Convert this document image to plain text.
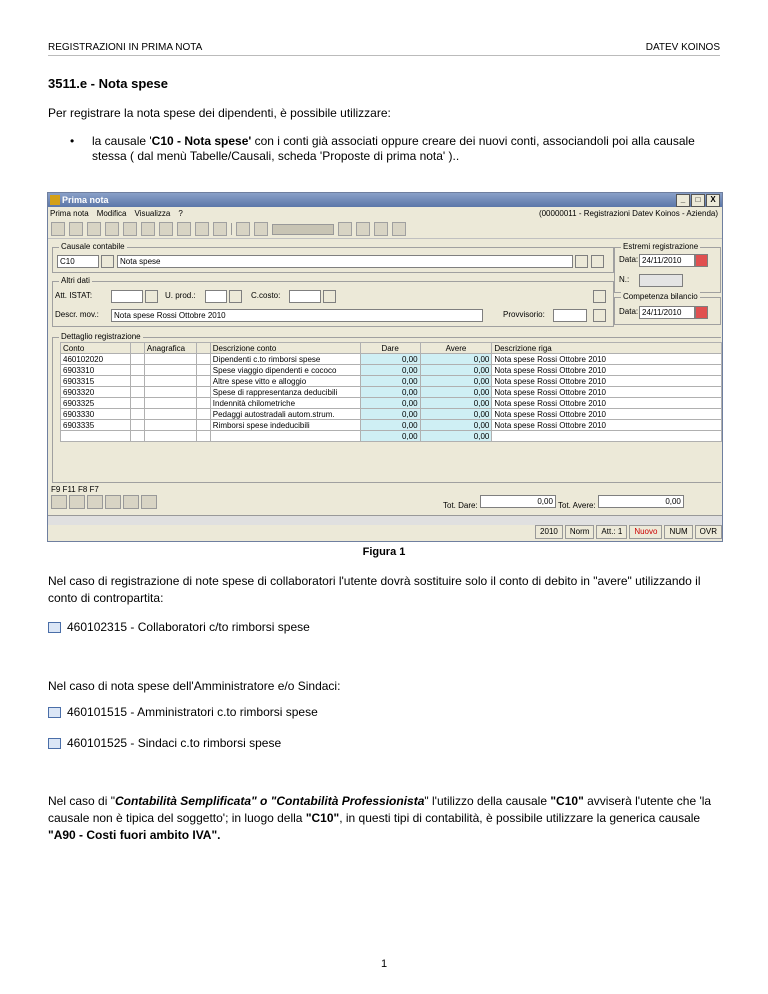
REGISTRAZIONI IN PRIMA NOTA	DATEV KOINOS
3511.e - Nota spese
Per registrare la nota spese dei dipendenti, è possibile utilizzare:
• la causale 'C10 - Nota spese' con i conti già associati oppure creare dei nuovi conti, associandoli poi alla causale stessa ( dal menù Tabelle/Causali, scheda 'Proposte di prima nota' )..
Prima nota	_	□	X
Prima nota Modifica Visualizza ?	(00000011 - Registrazioni Datev Koinos - Azienda)
Causale contabile
C10	Nota spese
Estremi registrazione
Data: 24/11/2010
N.:
Altri dati
Att. ISTAT:	U. prod.:	C.costo:
Descr. mov.:	Nota spese Rossi Ottobre 2010	Provvisorio:
Competenza bilancio
Data: 24/11/2010
Dettaglio registrazione
Conto		Anagrafica		Descrizione conto	Dare	Avere	Descrizione riga
460102020				Dipendenti c.to rimborsi spese	0,00	0,00	Nota spese Rossi Ottobre 2010
6903310				Spese viaggio dipendenti e cococo	0,00	0,00	Nota spese Rossi Ottobre 2010
6903315				Altre spese vitto e alloggio	0,00	0,00	Nota spese Rossi Ottobre 2010
6903320				Spese di rappresentanza deducibili	0,00	0,00	Nota spese Rossi Ottobre 2010
6903325				Indennità chilometriche	0,00	0,00	Nota spese Rossi Ottobre 2010
6903330				Pedaggi autostradali autom.strum.	0,00	0,00	Nota spese Rossi Ottobre 2010
6903335				Rimborsi spese indeducibili	0,00	0,00	Nota spese Rossi Ottobre 2010
					0,00	0,00	
F9 F11 F8 F7
Tot. Dare:	0,00 Tot. Avere:	0,00
2010	Norm	Att.: 1	Nuovo	NUM	OVR
Figura 1
Nel caso di registrazione di note spese di collaboratori l'utente dovrà sostituire solo il conto di debito in "avere" utilizzando il conto di contropartita:
460102315 - Collaboratori c/to rimborsi spese
Nel caso di nota spese dell'Amministratore e/o Sindaci:
460101515 - Amministratori c.to rimborsi spese
460101525 - Sindaci c.to rimborsi spese
Nel caso di "Contabilità Semplificata" o "Contabilità Professionista" l'utilizzo della causale "C10" avviserà l'utente che 'la causale non è tipica del soggetto'; in luogo della "C10", in questi tipi di contabilità, è possibile utilizzare la generica causale "A90 - Costi fuori ambito IVA".
1
